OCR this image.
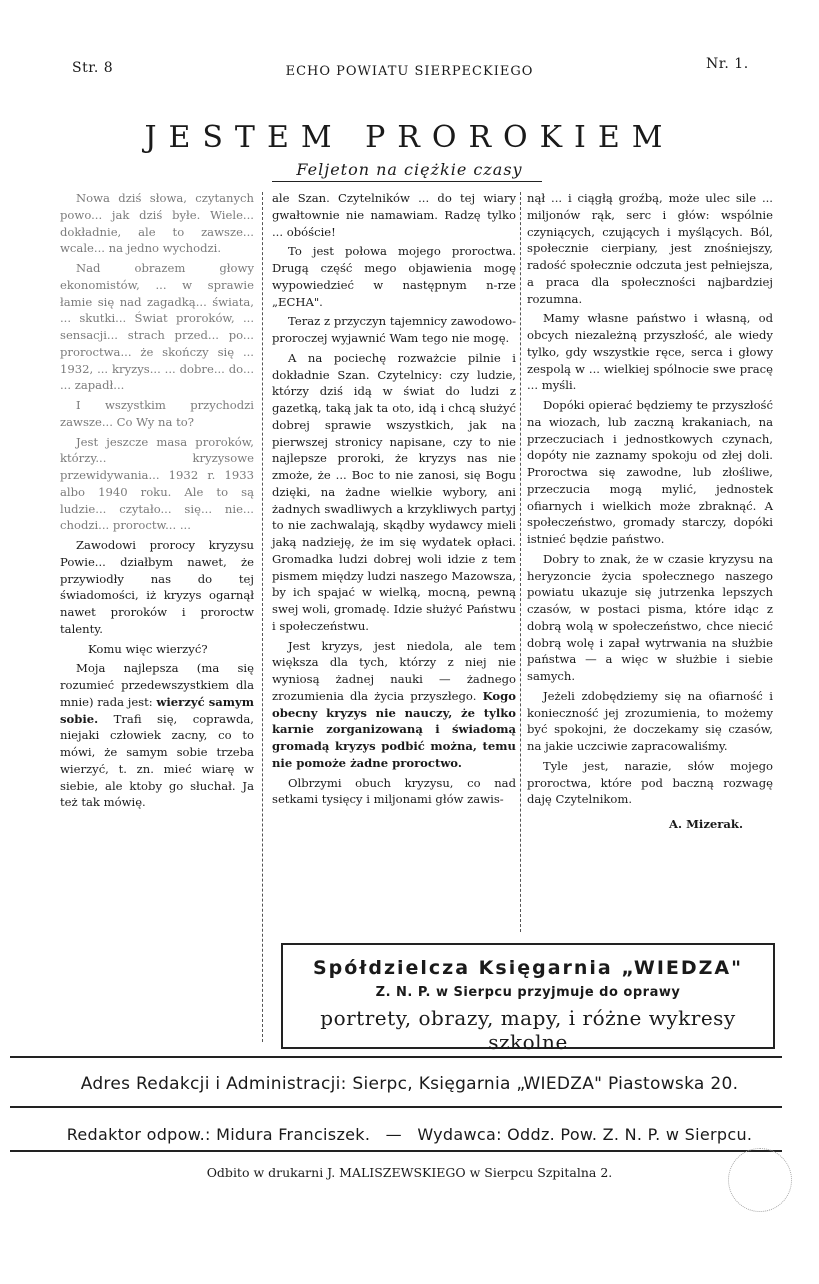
Str. 8	ECHO POWIATU SIERPECKIEGO	Nr. 1.
JESTEM PROROKIEM
Feljeton na ciężkie czasy

Nowa dziś słowa, czytanych powo... jak dziś byłe. Wiele... dokładnie, ale to zawsze... wcale... na jedno wychodzi.

Nad obrazem głowy ekonomistów, ... w sprawie łamie się nad zagadką... świata, ... skutki... Świat proroków, ... sensacji... strach przed... po... proroctwa... że skończy się ... 1932, ... kryzys... ... dobre... do... ... zapadł...

I wszystkim przychodzi zawsze... Co Wy na to?

Jest jeszcze masa proroków, którzy... kryzysowe przewidywania... 1932 r. 1933 albo 1940 roku. Ale to są ludzie... czytało... się... nie... chodzi... proroctw... ...

Zawodowi prorocy kryzysu Powie... działbym nawet, że przywiodły nas do tej świadomości, iż kryzys ogarnął nawet proroków i proroctw talenty.

Komu więc wierzyć?

Moja najlepsza (ma się rozumieć przedewszystkiem dla mnie) rada jest: wierzyć samym sobie. Trafi się, coprawda, niejaki człowiek zacny, co to mówi, że samym sobie trzeba wierzyć, t. zn. mieć wiarę w siebie, ale ktoby go słuchał. Ja też tak mówię.

ale Szan. Czytelników ... do tej wiary gwałtownie nie namawiam. Radzę tylko ... obóście!

To jest połowa mojego proroctwa. Drugą część mego objawienia mogę wypowiedzieć w następnym n-rze „ECHA".

Teraz z przyczyn tajemnicy zawodowo-proroczej wyjawnić Wam tego nie mogę.

A na pociechę rozważcie pilnie i dokładnie Szan. Czytelnicy: czy ludzie, którzy dziś idą w świat do ludzi z gazetką, taką jak ta oto, idą i chcą służyć dobrej sprawie wszystkich, jak na pierwszej stronicy napisane, czy to nie najlepsze proroki, że kryzys nas nie zmoże, że ... Boc to nie zanosi, się Bogu dzięki, na żadne wielkie wybory, ani żadnych swadliwych a krzykliwych partyj to nie zachwalają, skądby wydawcy mieli jaką nadzieję, że im się wydatek opłaci. Gromadka ludzi dobrej woli idzie z tem pismem między ludzi naszego Mazowsza, by ich spajać w wielką, mocną, pewną swej woli, gromadę. Idzie służyć Państwu i społeczeństwu.

Jest kryzys, jest niedola, ale tem większa dla tych, którzy z niej nie wyniosą żadnej nauki — żadnego zrozumienia dla życia przyszłego. Kogo obecny kryzys nie nauczy, że tylko karnie zorganizowaną i świadomą gromadą kryzys podbić można, temu nie pomoże żadne proroctwo.

Olbrzymi obuch kryzysu, co nad setkami tysięcy i miljonami głów zawis-

nął ... i ciągłą groźbą, może ulec sile ... miljonów rąk, serc i głów: wspólnie czyniących, czujących i myślących. Ból, społecznie cierpiany, jest znośniejszy, radość społecznie odczuta jest pełniejsza, a praca dla społeczności najbardziej rozumna.

Mamy własne państwo i własną, od obcych niezależną przyszłość, ale wiedy tylko, gdy wszystkie ręce, serca i głowy zespolą w ... wielkiej spólnocie swe pracę ... myśli.

Dopóki opierać będziemy te przyszłość na wiozach, lub zaczną krakaniach, na przeczuciach i jednostkowych czynach, dopóty nie zaznamy spokoju od złej doli. Proroctwa się zawodne, lub złośliwe, przeczucia mogą mylić, jednostek ofiarnych i wielkich może zbraknąć. A społeczeństwo, gromady starczy, dopóki istnieć będzie państwo.

Dobry to znak, że w czasie kryzysu na heryzoncie życia społecznego naszego powiatu ukazuje się jutrzenka lepszych czasów, w postaci pisma, które idąc z dobrą wolą w społeczeństwo, chce niecić dobrą wolę i zapał wytrwania na służbie państwa — a więc w służbie i siebie samych.

Jeżeli zdobędziemy się na ofiarność i konieczność jej zrozumienia, to możemy być spokojni, że doczekamy się czasów, na jakie uczciwie zapracowaliśmy.

Tyle jest, narazie, słów mojego proroctwa, które pod baczną rozwagę daję Czytelnikom.

A. Mizerak.

Spółdzielcza Księgarnia „WIEDZA"
Z. N. P. w Sierpcu przyjmuje do oprawy
portrety, obrazy, mapy, i różne wykresy szkolne
Adres Redakcji i Administracji: Sierpc, Księgarnia „WIEDZA" Piastowska 20.
Redaktor odpow.: Midura Franciszek. — Wydawca: Oddz. Pow. Z. N. P. w Sierpcu.
Odbito w drukarni J. MALISZEWSKIEGO w Sierpcu Szpitalna 2.
